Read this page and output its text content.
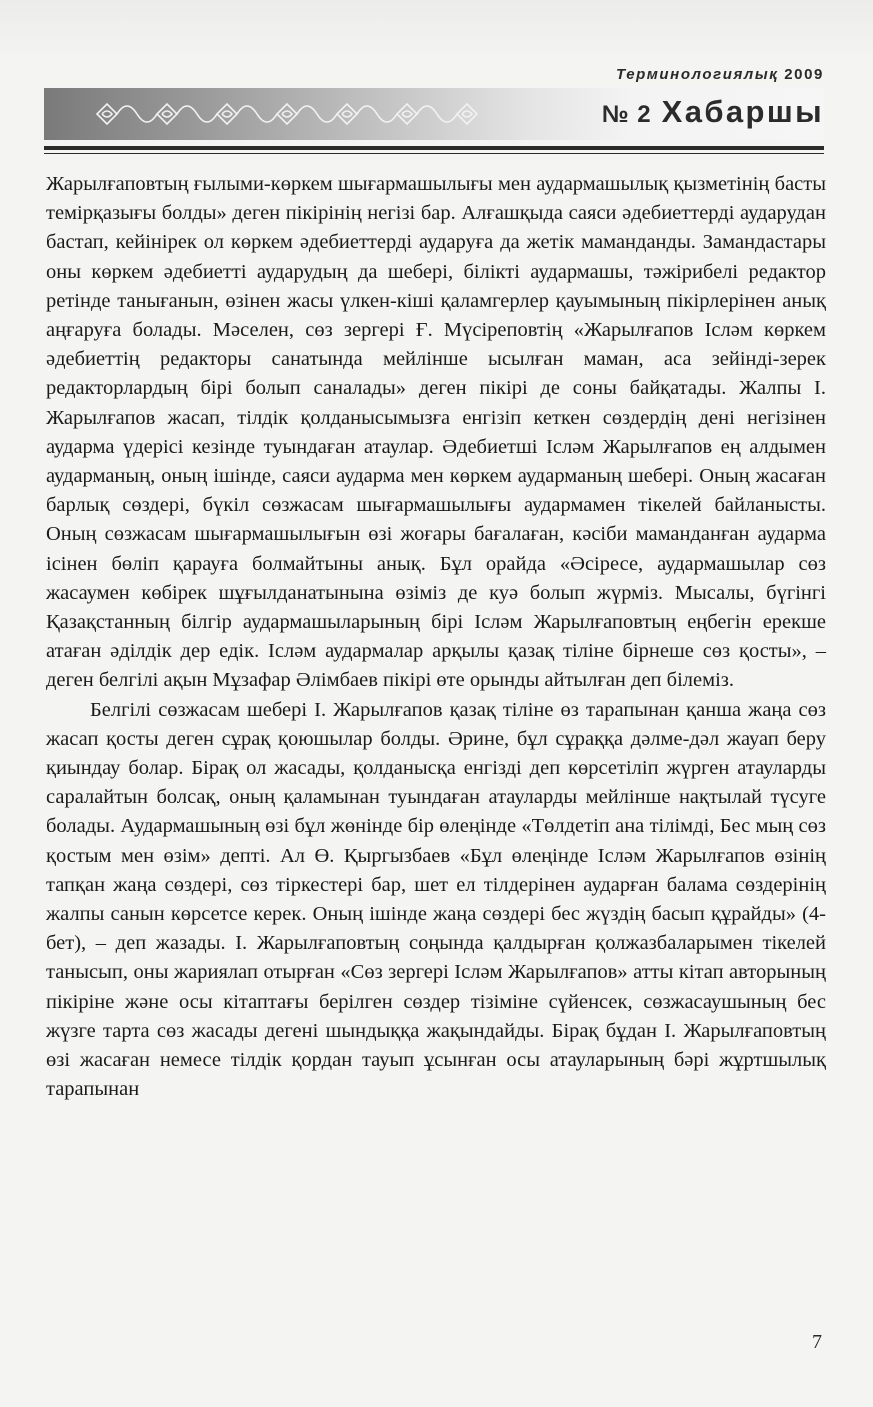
Терминологиялық 2009
№ 2 Хабаршы

Жарылғаповтың ғылыми-көркем шығармашылығы мен аудармашылық қызметінің басты темірқазығы болды» деген пікірінің негізі бар. Алғашқыда саяси әдебиеттерді аударудан бастап, кейінірек ол көркем әдебиеттерді аударуға да жетік маманданды. Замандастары оны көркем әдебиетті аударудың да шебері, білікті аудармашы, тәжірибелі редактор ретінде танығанын, өзінен жасы үлкен-кіші қаламгерлер қауымының пікірлерінен анық аңғаруға болады. Мәселен, сөз зергері Ғ. Мүсіреповтің «Жарылғапов Ісләм көркем әдебиеттің редакторы санатында мейлінше ысылған маман, аса зейінді-зерек редакторлардың бірі болып саналады» деген пікірі де соны байқатады. Жалпы І. Жарылғапов жасап, тілдік қолданысымызға енгізіп кеткен сөздердің дені негізінен аударма үдерісі кезінде туындаған атаулар. Әдебиетші Ісләм Жарылғапов ең алдымен аударманың, оның ішінде, саяси аударма мен көркем аударманың шебері. Оның жасаған барлық сөздері, бүкіл сөзжасам шығармашылығы аудармамен тікелей байланысты. Оның сөзжасам шығармашылығын өзі жоғары бағалаған, кәсіби маманданған аударма ісінен бөліп қарауға болмайтыны анық. Бұл орайда «Әсіресе, аудармашылар сөз жасаумен көбірек шұғылданатынына өзіміз де куә болып жүрміз. Мысалы, бүгінгі Қазақстанның білгір аудармашыларының бірі Ісләм Жарылғаповтың еңбегін ерекше атаған әділдік дер едік. Ісләм аудармалар арқылы қазақ тіліне бірнеше сөз қосты», – деген белгілі ақын Мұзафар Әлімбаев пікірі өте орынды айтылған деп білеміз.

Белгілі сөзжасам шебері І. Жарылғапов қазақ тіліне өз тарапынан қанша жаңа сөз жасап қосты деген сұрақ қоюшылар болды. Әрине, бұл сұраққа дәлме-дәл жауап беру қиындау болар. Бірақ ол жасады, қолданысқа енгізді деп көрсетіліп жүрген атауларды саралайтын болсақ, оның қаламынан туындаған атауларды мейлінше нақтылай түсуге болады. Аудармашының өзі бұл жөнінде бір өлеңінде «Төлдетіп ана тілімді, Бес мың сөз қостым мен өзім» депті. Ал Ө. Қыргызбаев «Бұл өлеңінде Ісләм Жарылғапов өзінің тапқан жаңа сөздері, сөз тіркестері бар, шет ел тілдерінен аударған балама сөздерінің жалпы санын көрсетсе керек. Оның ішінде жаңа сөздері бес жүздің басып құрайды» (4-бет), – деп жазады. І. Жарылғаповтың соңында қалдырған қолжазбаларымен тікелей танысып, оны жариялап отырған «Сөз зергері Ісләм Жарылғапов» атты кітап авторының пікіріне және осы кітаптағы берілген сөздер тізіміне сүйенсек, сөзжасаушының бес жүзге тарта сөз жасады дегені шындыққа жақындайды. Бірақ бұдан І. Жарылғаповтың өзі жасаған немесе тілдік қордан тауып ұсынған осы атауларының бәрі жұртшылық тарапынан

7
